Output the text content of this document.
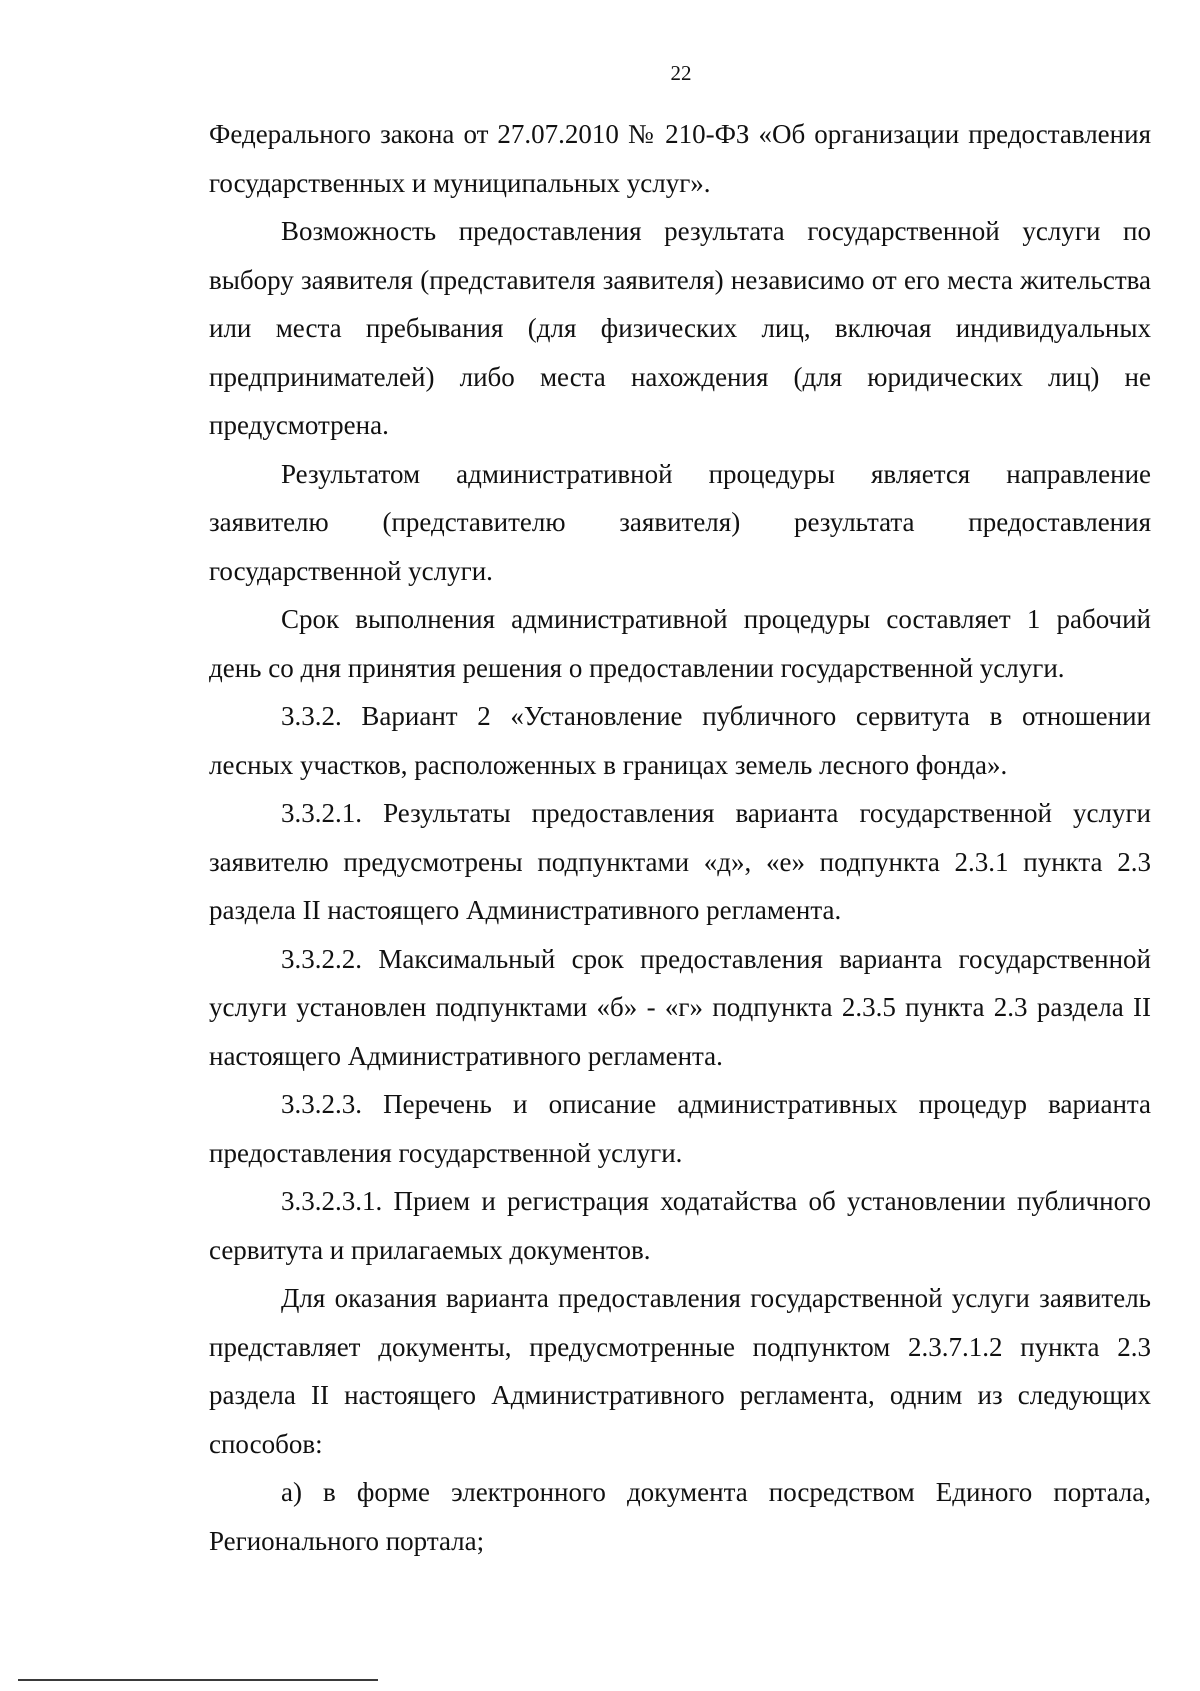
22

Федерального закона от 27.07.2010 № 210-ФЗ «Об организации предоставления государственных и муниципальных услуг».

Возможность предоставления результата государственной услуги по выбору заявителя (представителя заявителя) независимо от его места жительства или места пребывания (для физических лиц, включая индивидуальных предпринимателей) либо места нахождения (для юридических лиц) не предусмотрена.

Результатом административной процедуры является направление заявителю (представителю заявителя) результата предоставления государственной услуги.

Срок выполнения административной процедуры составляет 1 рабочий день со дня принятия решения о предоставлении государственной услуги.

3.3.2. Вариант 2 «Установление публичного сервитута в отношении лесных участков, расположенных в границах земель лесного фонда».

3.3.2.1. Результаты предоставления варианта государственной услуги заявителю предусмотрены подпунктами «д», «е» подпункта 2.3.1 пункта 2.3 раздела II настоящего Административного регламента.

3.3.2.2. Максимальный срок предоставления варианта государственной услуги установлен подпунктами «б» - «г» подпункта 2.3.5 пункта 2.3 раздела II настоящего Административного регламента.

3.3.2.3. Перечень и описание административных процедур варианта предоставления государственной услуги.

3.3.2.3.1. Прием и регистрация ходатайства об установлении публичного сервитута и прилагаемых документов.

Для оказания варианта предоставления государственной услуги заявитель представляет документы, предусмотренные подпунктом 2.3.7.1.2 пункта 2.3 раздела II настоящего Административного регламента, одним из следующих способов:

а) в форме электронного документа посредством Единого портала, Регионального портала;
